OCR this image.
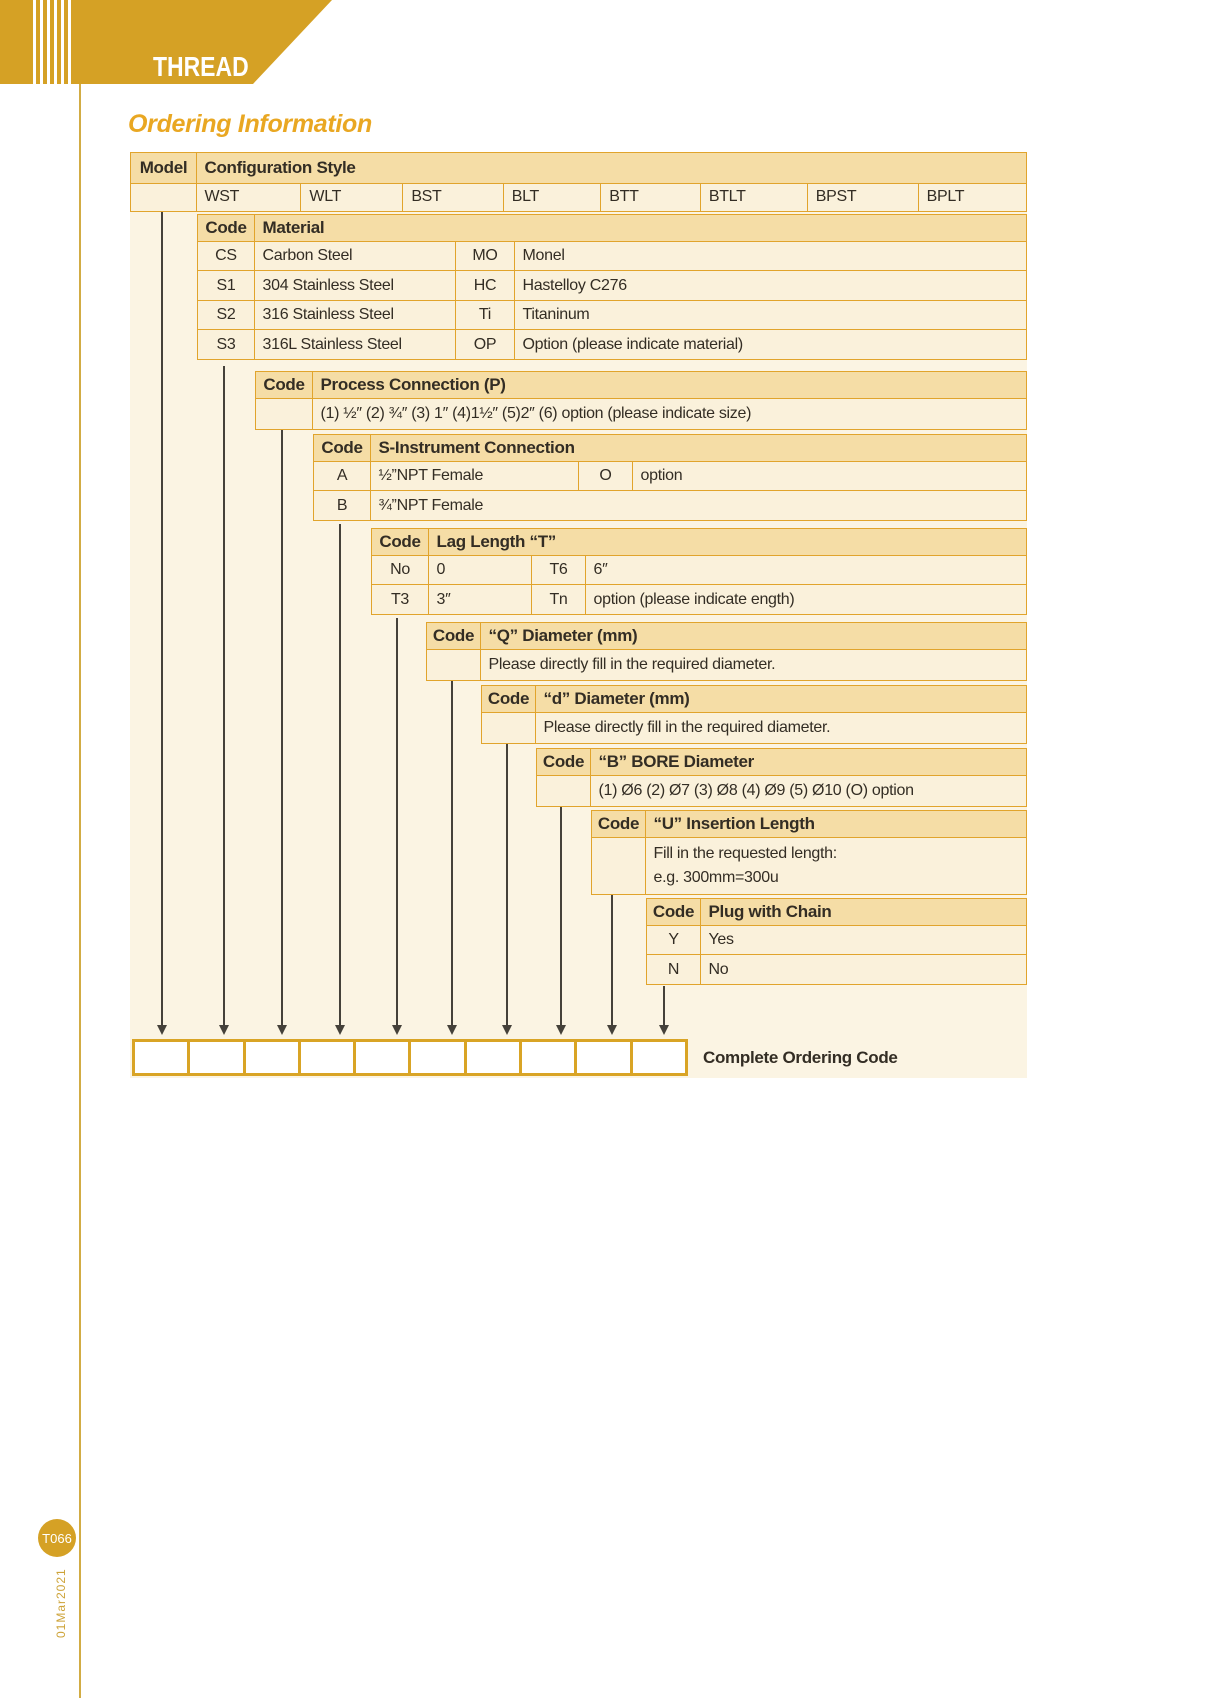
THREAD
T066
01Mar2021
Ordering Information
Model	Configuration Style
WST	WLT	BST	BLT	BTT	BTLT	BPST	BPLT
Code Material
CS	Carbon Steel	MO	Monel
S1	304 Stainless Steel	HC	Hastelloy C276
S2	316 Stainless Steel	Ti	Titaninum
S3	316L Stainless Steel	OP	Option (please indicate material)
Code Process Connection (P)
(1) ½″ (2) ¾″ (3) 1″ (4)1½″ (5)2″ (6) option (please indicate size)
Code S-Instrument Connection
A	½”NPT Female	O	option
B	¾”NPT Female
Code Lag Length “T”
No	0	T6	6″
T3	3″	Tn	option (please indicate ength)
Code “Q” Diameter (mm)
Please directly fill in the required diameter.
Code “d” Diameter (mm)
Please directly fill in the required diameter.
Code “B” BORE Diameter
(1) Ø6 (2) Ø7 (3) Ø8 (4) Ø9 (5) Ø10 (O) option
Code “U” Insertion Length
Fill in the requested length:
e.g. 300mm=300u
Code Plug with Chain
Y	Yes
N	No
Complete Ordering Code
